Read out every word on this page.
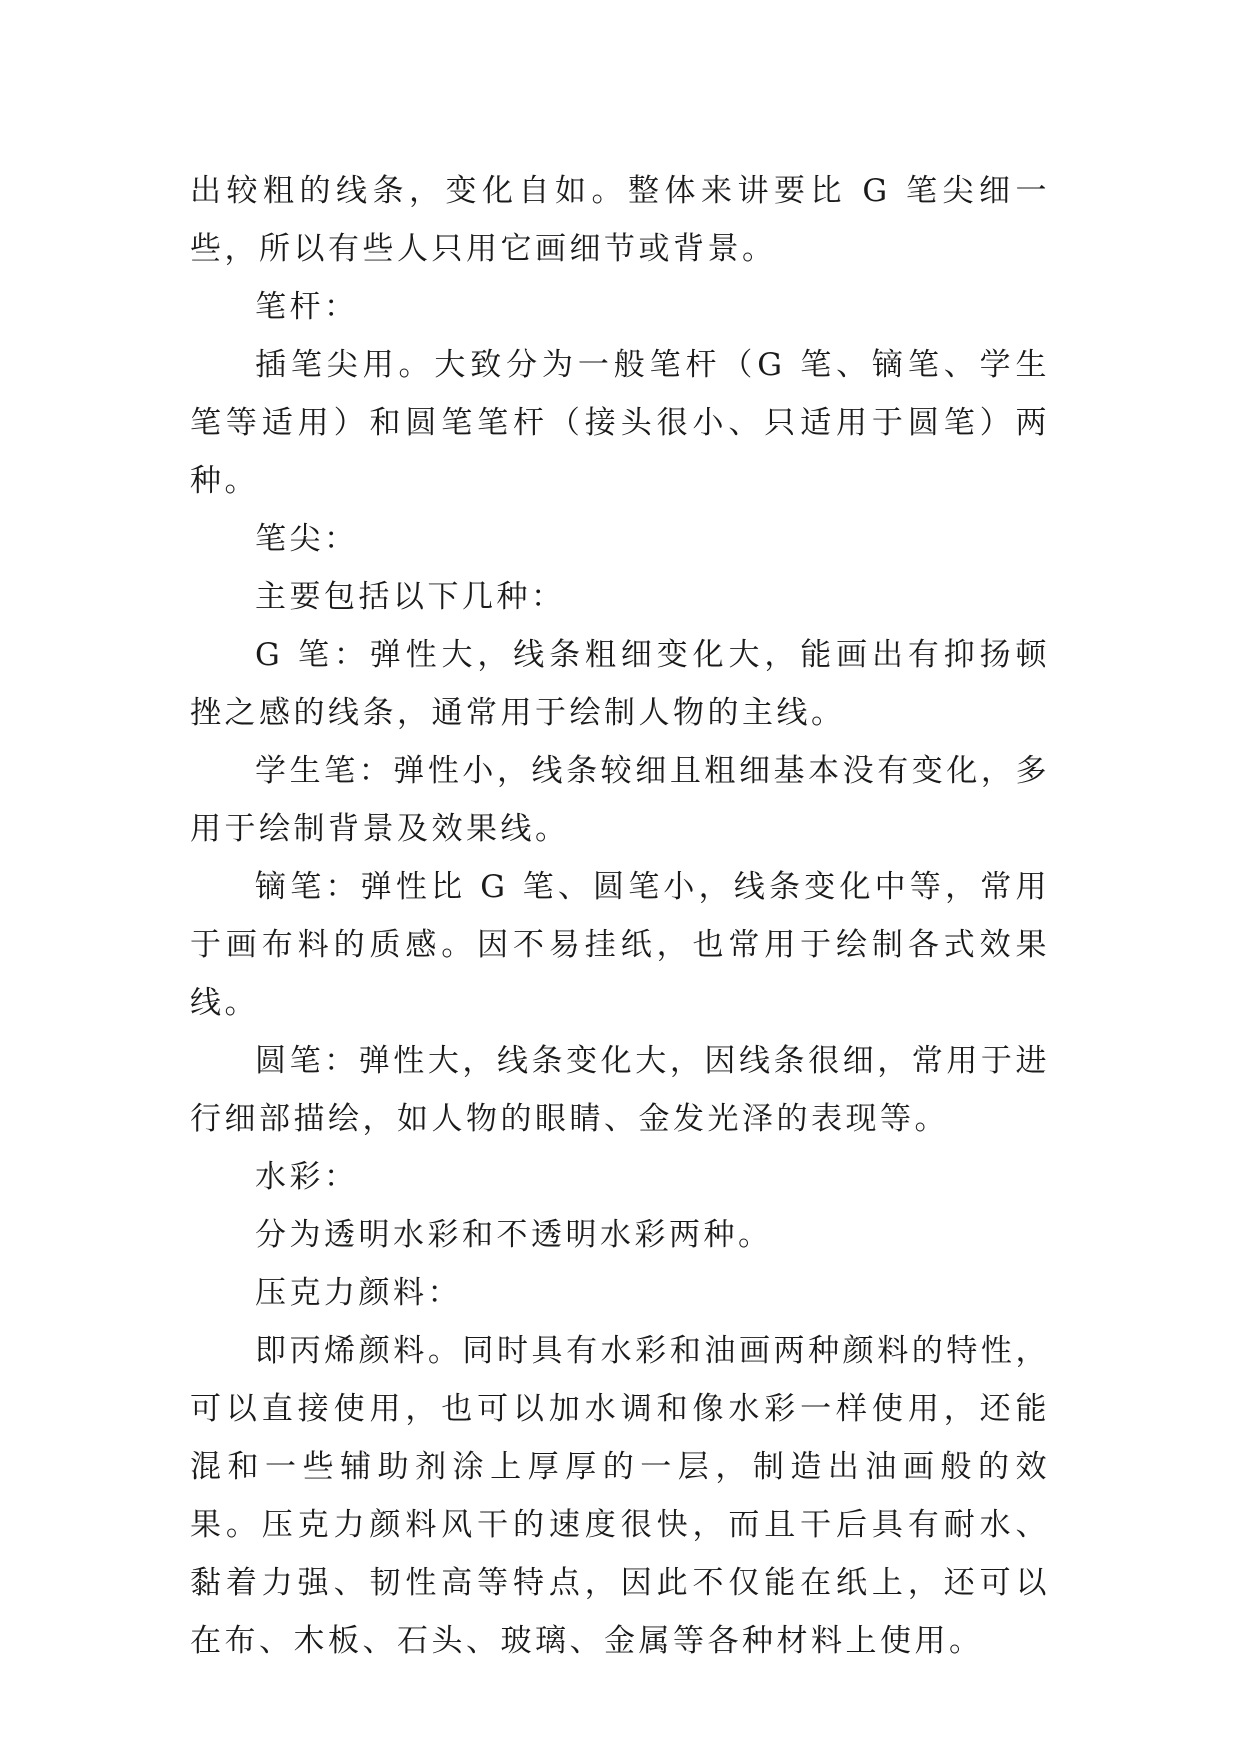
出较粗的线条，变化自如。整体来讲要比 G 笔尖细一些，所以有些人只用它画细节或背景。

笔杆：

插笔尖用。大致分为一般笔杆（G 笔、镝笔、学生笔等适用）和圆笔笔杆（接头很小、只适用于圆笔）两种。

笔尖：

主要包括以下几种：

G 笔：弹性大，线条粗细变化大，能画出有抑扬顿挫之感的线条，通常用于绘制人物的主线。

学生笔：弹性小，线条较细且粗细基本没有变化，多用于绘制背景及效果线。

镝笔：弹性比 G 笔、圆笔小，线条变化中等，常用于画布料的质感。因不易挂纸，也常用于绘制各式效果线。

圆笔：弹性大，线条变化大，因线条很细，常用于进行细部描绘，如人物的眼睛、金发光泽的表现等。

水彩：

分为透明水彩和不透明水彩两种。

压克力颜料：

即丙烯颜料。同时具有水彩和油画两种颜料的特性，可以直接使用，也可以加水调和像水彩一样使用，还能混和一些辅助剂涂上厚厚的一层，制造出油画般的效果。压克力颜料风干的速度很快，而且干后具有耐水、黏着力强、韧性高等特点，因此不仅能在纸上，还可以在布、木板、石头、玻璃、金属等各种材料上使用。
